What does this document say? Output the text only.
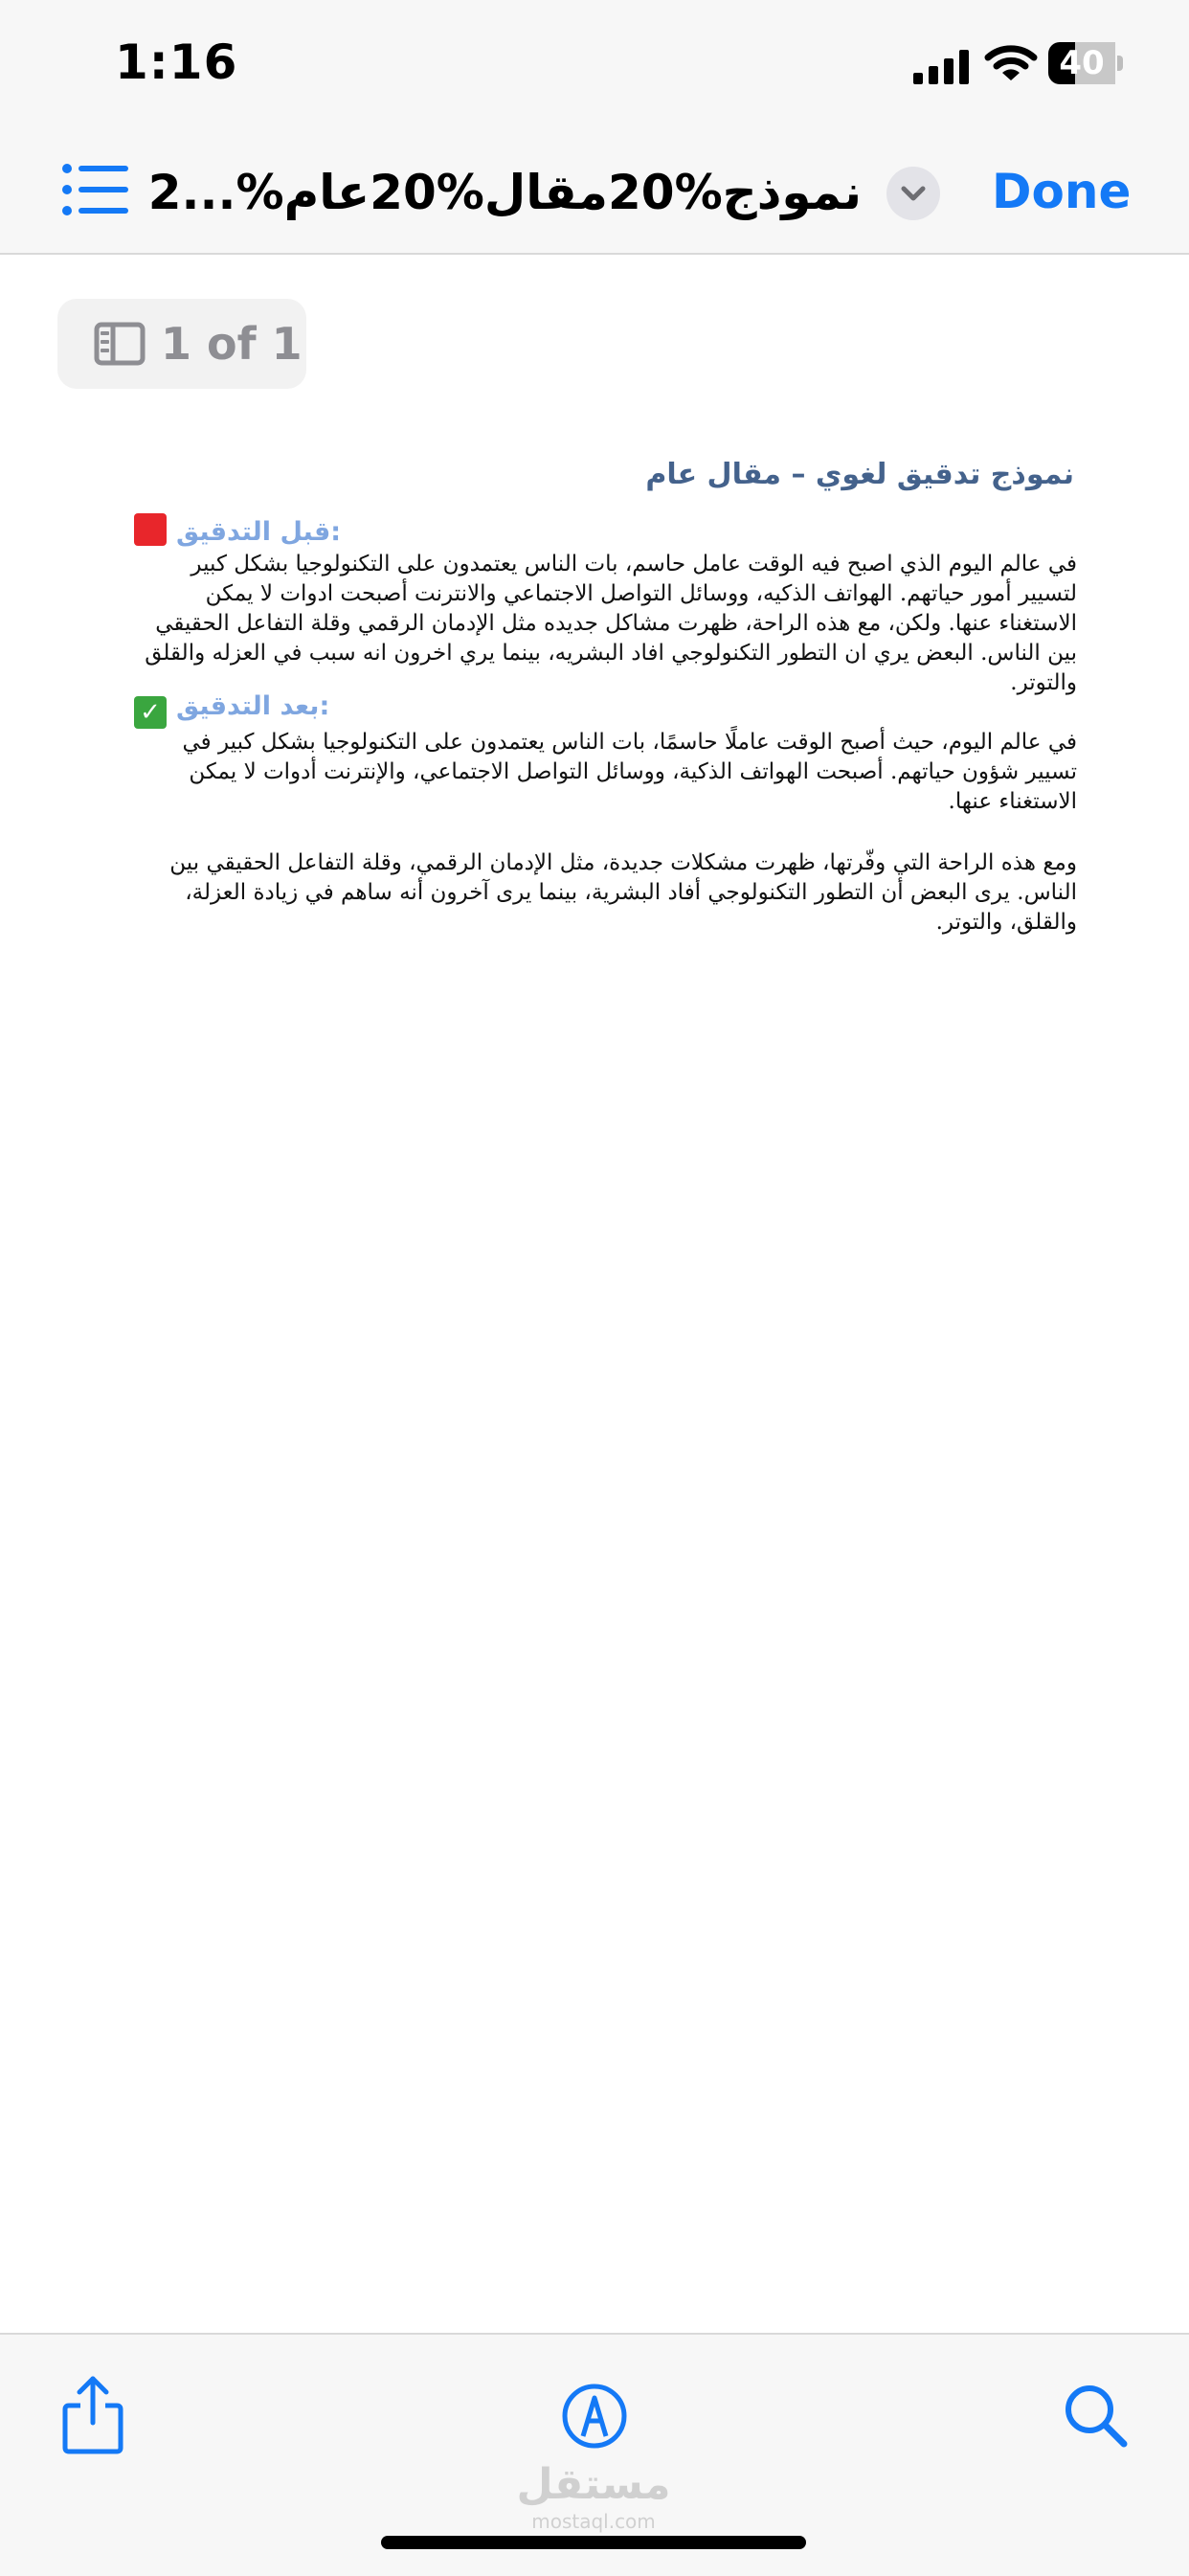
1:16	40
نموذج%20مقال%20عام%...2	Done
1 of 1
نموذج تدقيق لغوي – مقال عام
قبل التدقيق:
في عالم اليوم الذي اصبح فيه الوقت عامل حاسم، بات الناس يعتمدون على التكنولوجيا بشكل كبير لتسيير أمور حياتهم. الهواتف الذكيه، ووسائل التواصل الاجتماعي والانترنت أصبحت ادوات لا يمكن الاستغناء عنها. ولكن، مع هذه الراحة، ظهرت مشاكل جديده مثل الإدمان الرقمي وقلة التفاعل الحقيقي بين الناس. البعض يري ان التطور التكنولوجي افاد البشريه، بينما يري اخرون انه سبب في العزله والقلق والتوتر.
✓ بعد التدقيق:
في عالم اليوم، حيث أصبح الوقت عاملًا حاسمًا، بات الناس يعتمدون على التكنولوجيا بشكل كبير في تسيير شؤون حياتهم. أصبحت الهواتف الذكية، ووسائل التواصل الاجتماعي، والإنترنت أدوات لا يمكن الاستغناء عنها.
ومع هذه الراحة التي وفّرتها، ظهرت مشكلات جديدة، مثل الإدمان الرقمي، وقلة التفاعل الحقيقي بين الناس. يرى البعض أن التطور التكنولوجي أفاد البشرية، بينما يرى آخرون أنه ساهم في زيادة العزلة، والقلق، والتوتر.
مستقل
mostaql.com
